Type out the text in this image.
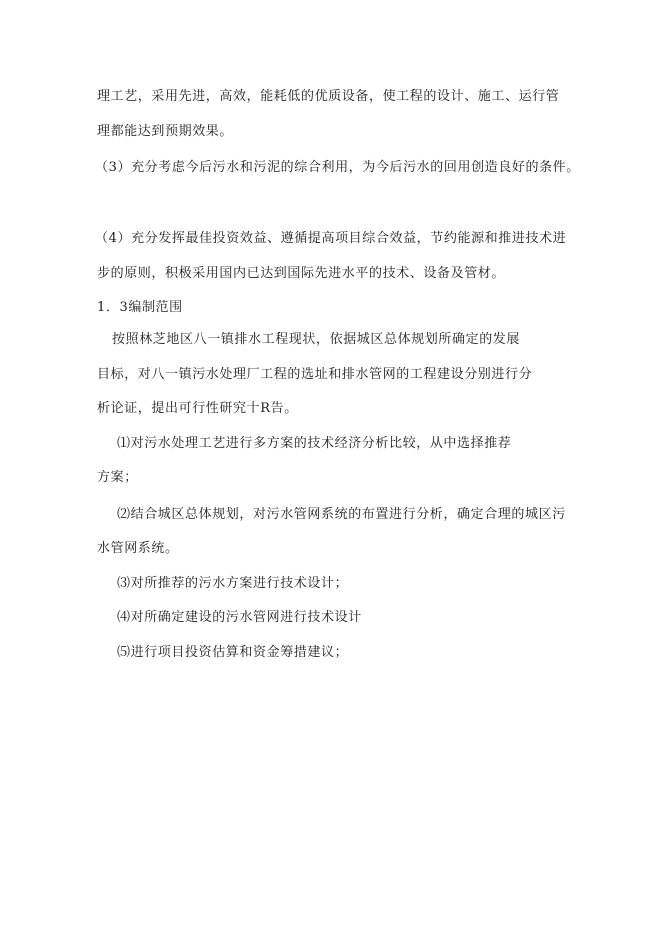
理工艺，采用先进，高效，能耗低的优质设备，使工程的设计、施工、运行管
理都能达到预期效果。
（3）充分考虑今后污水和污泥的综合利用，为今后污水的回用创造良好的条件。
（4）充分发挥最佳投资效益、遵循提高项目综合效益，节约能源和推进技术进
步的原则，积极采用国内已达到国际先进水平的技术、设备及管材。
1．3编制范围
按照林芝地区八一镇排水工程现状，依据城区总体规划所确定的发展
目标，对八一镇污水处理厂工程的选址和排水管网的工程建设分别进行分
析论证，提出可行性研究十R告。
⑴对污水处理工艺进行多方案的技术经济分析比较，从中选择推荐
方案；
⑵结合城区总体规划，对污水管网系统的布置进行分析，确定合理的城区污
水管网系统。
⑶对所推荐的污水方案进行技术设计；
⑷对所确定建设的污水管网进行技术设计
⑸进行项目投资估算和资金筹措建议；
